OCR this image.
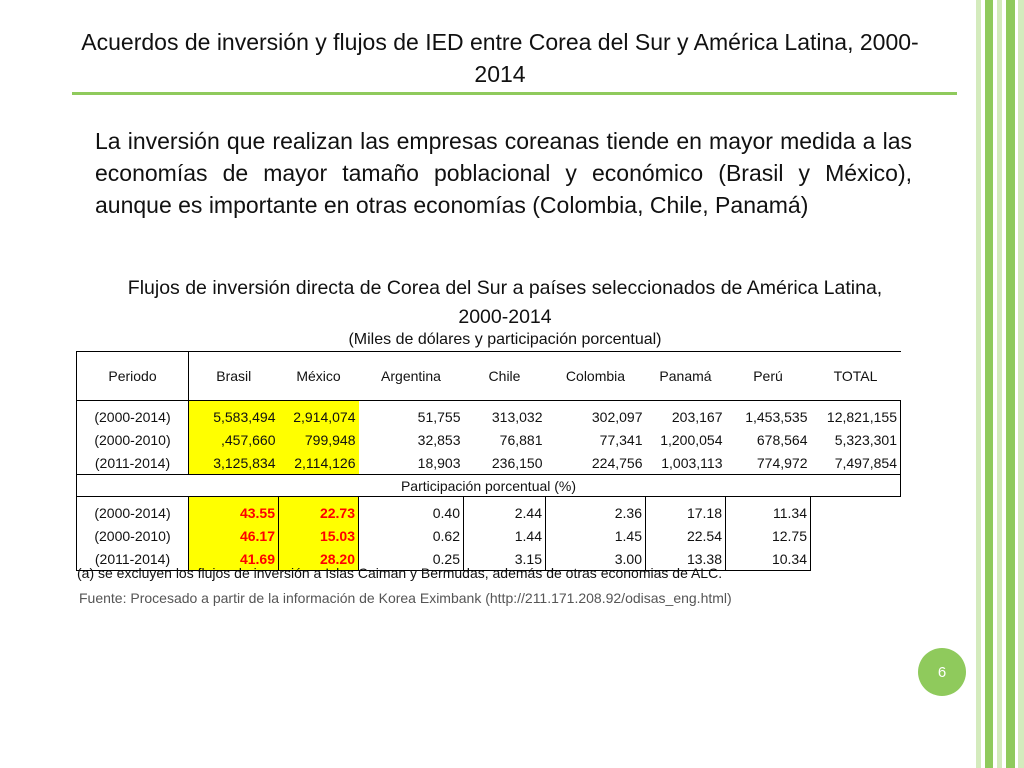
Acuerdos de inversión y flujos de IED entre Corea del Sur y América Latina, 2000-2014
La inversión que realizan las empresas coreanas tiende en mayor medida a las economías de mayor tamaño poblacional y económico (Brasil y México), aunque es importante en otras economías (Colombia, Chile, Panamá)
Flujos de inversión directa de Corea del Sur a países seleccionados de América Latina, 2000-2014
(Miles de dólares y participación porcentual)
Periodo	Brasil	México	Argentina	Chile	Colombia	Panamá	Perú	TOTAL
(2000-2014)	5,583,494	2,914,074	51,755	313,032	302,097	203,167	1,453,535	12,821,155
(2000-2010)	,457,660	799,948	32,853	76,881	77,341	1,200,054	678,564	5,323,301
(2011-2014)	3,125,834	2,114,126	18,903	236,150	224,756	1,003,113	774,972	7,497,854
Participación porcentual (%)								
(2000-2014)	43.55	22.73	0.40	2.44	2.36	17.18	11.34	
(2000-2010)	46.17	15.03	0.62	1.44	1.45	22.54	12.75	
(2011-2014)	41.69	28.20	0.25	3.15	3.00	13.38	10.34	
(a) se excluyen los flujos de inversión a Islas Caiman y Bermudas, además de otras economias de ALC.
Fuente: Procesado a partir de la información de Korea Eximbank (http://211.171.208.92/odisas_eng.html)
6
